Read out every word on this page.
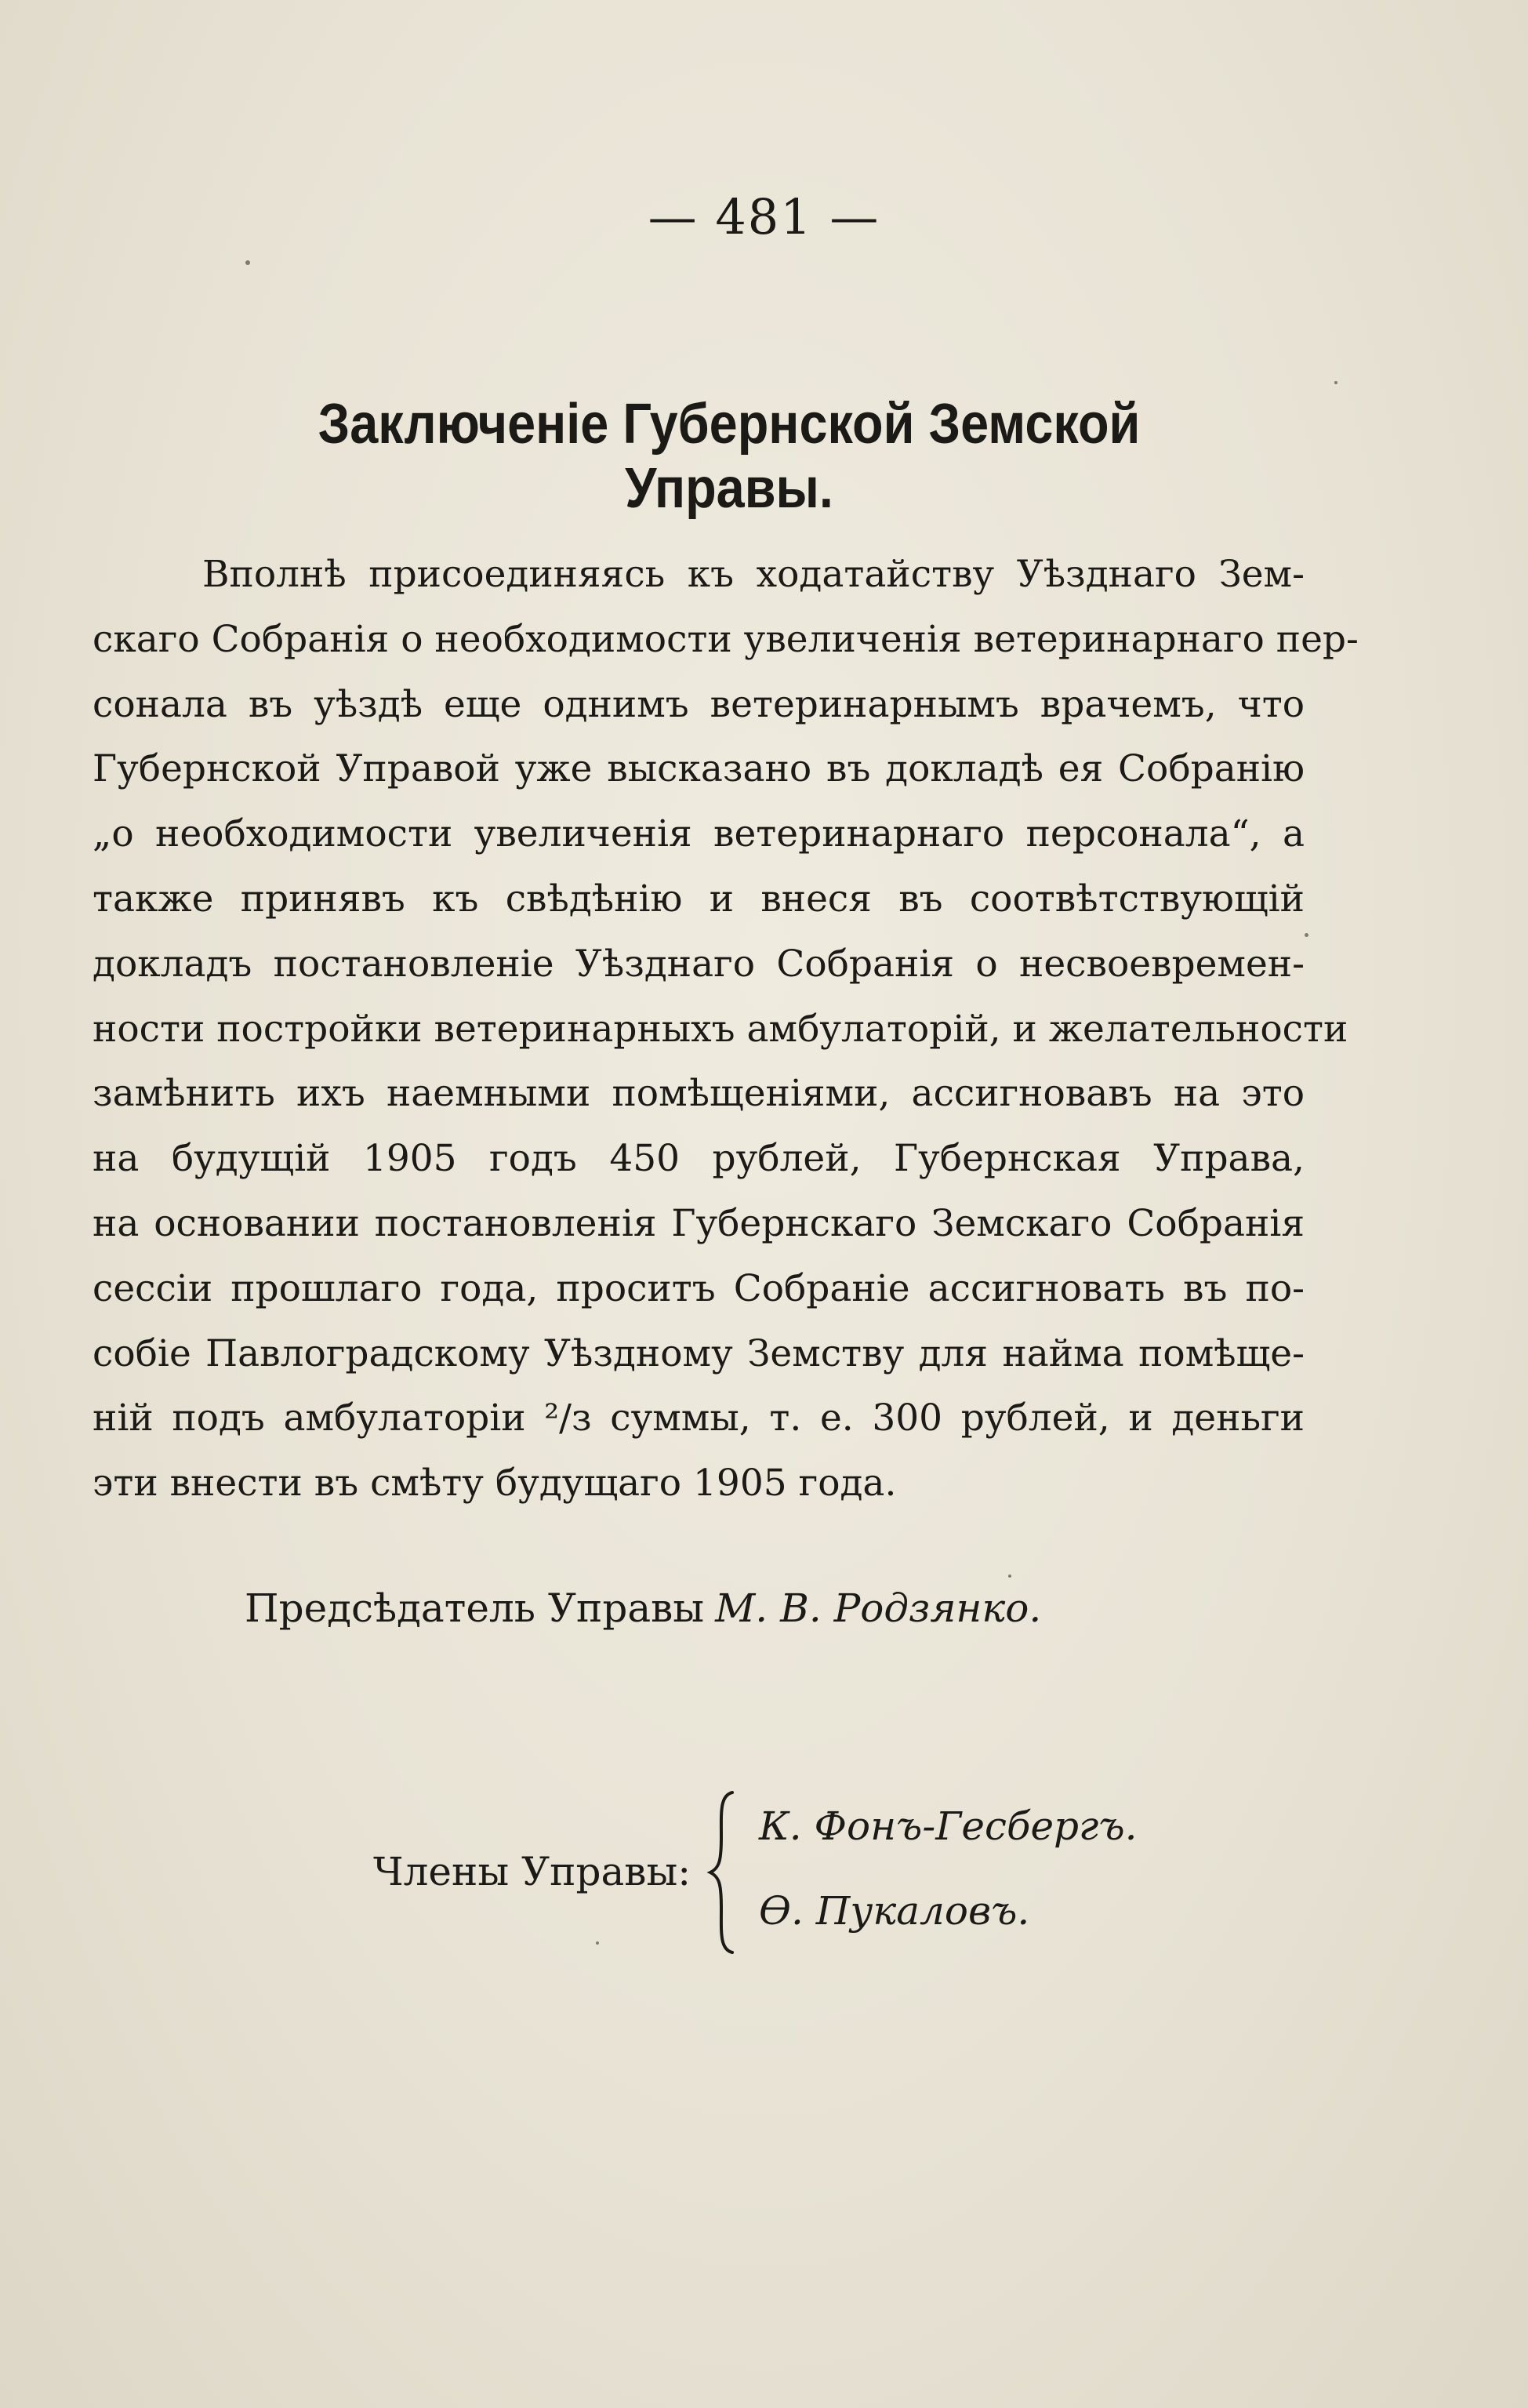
— 481 —
Заключенiе Губернской Земской Управы.
Вполнѣ присоединяясь къ ходатайству Уѣзднаго Зем-
скаго Собранiя о необходимости увеличенiя ветеринарнаго пер-
сонала въ уѣздѣ еще однимъ ветеринарнымъ врачемъ, что
Губернской Управой уже высказано въ докладѣ ея Собранiю
„о необходимости увеличенiя ветеринарнаго персонала“, а
также принявъ къ свѣдѣнiю и внеся въ соотвѣтствующiй
докладъ постановленiе Уѣзднаго Собранiя о несвоевремен-
ности постройки ветеринарныхъ амбулаторiй, и желательности
замѣнить ихъ наемными помѣщенiями, ассигновавъ на это
на будущiй 1905 годъ 450 рублей, Губернская Управа,
на основании постановленiя Губернскаго Земскаго Собранiя
сессiи прошлаго года, проситъ Собранiе ассигновать въ по-
собiе Павлоградскому Уѣздному Земству для найма помѣще-
нiй подъ амбулаторiи ²/з суммы, т. е. 300 рублей, и деньги
эти внести въ смѣту будущаго 1905 года.
Предсѣдатель Управы М. В. Родзянко.
Члены Управы:
К. Фонъ-Гесбергъ.
Ѳ. Пукаловъ.
